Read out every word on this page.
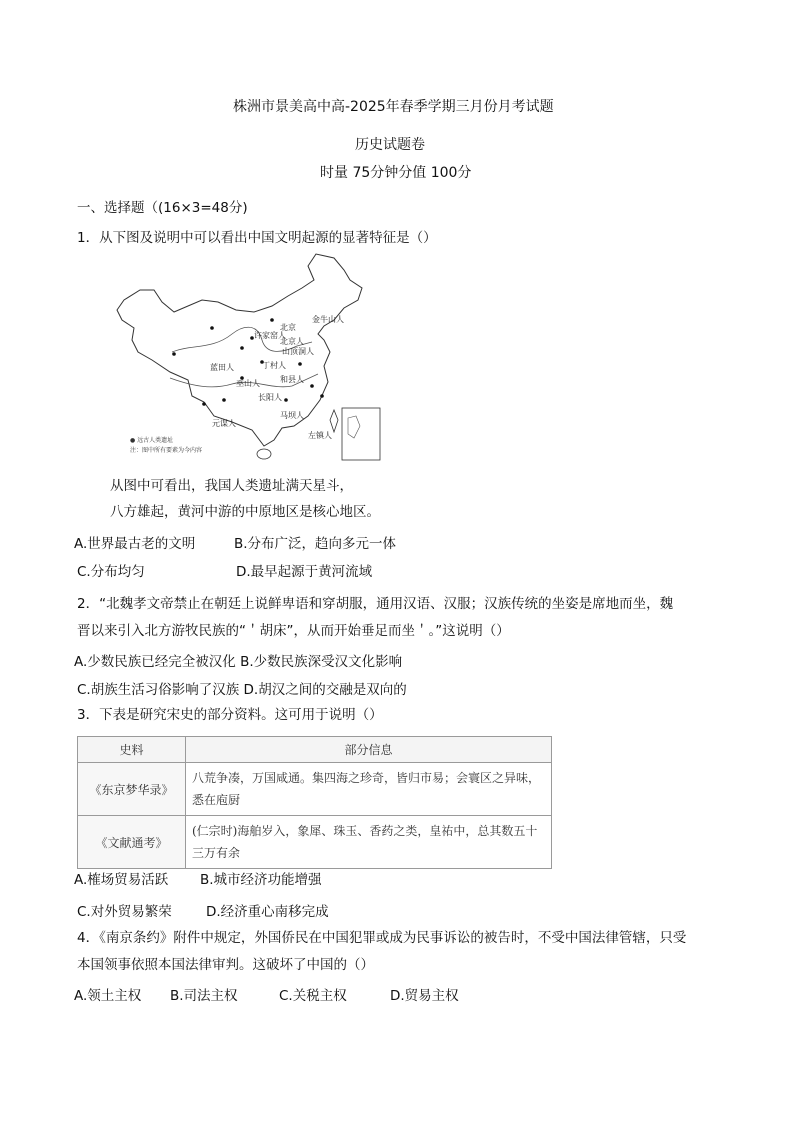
株洲市景美高中高-2025年春季学期三月份月考试题
历史试题卷
时量 75分钟分值 100分
一、选择题（(16×3=48分)
1．从下图及说明中可以看出中国文明起源的显著特征是（）
北京
金牛山人
北京人
山顶洞人
丁村人
蓝田人
和县人
巫山人
长阳人
马坝人
元谋人
左镇人
许家窑人
● 远古人类遗址
注：图中所有要素为今内容
从图中可看出，我国人类遗址满天星斗，
八方雄起，黄河中游的中原地区是核心地区。
A.世界最古老的文明	B.分布广泛，趋向多元一体
C.分布均匀	D.最早起源于黄河流域
2．“北魏孝文帝禁止在朝廷上说鲜卑语和穿胡服，通用汉语、汉服；汉族传统的坐姿是席地而坐，魏
晋以来引入北方游牧民族的“＇胡床”，从而开始垂足而坐＇。”这说明（）
A.少数民族已经完全被汉化 B.少数民族深受汉文化影响
C.胡族生活习俗影响了汉族 D.胡汉之间的交融是双向的
3．下表是研究宋史的部分资料。这可用于说明（）
史料	部分信息
《东京梦华录》	八荒争凑，万国咸通。集四海之珍奇，皆归市易；会寰区之异味，悉在庖厨
《文献通考》	(仁宗时)海舶岁入，象犀、珠玉、香药之类，皇祐中，总其数五十三万有余
A.榷场贸易活跃 B.城市经济功能增强
C.对外贸易繁荣	D.经济重心南移完成
4．《南京条约》附件中规定，外国侨民在中国犯罪或成为民事诉讼的被告时，不受中国法律管辖，只受
本国领事依照本国法律审判。这破坏了中国的（）
A.领土主权 B.司法主权	C.关税主权	D.贸易主权
